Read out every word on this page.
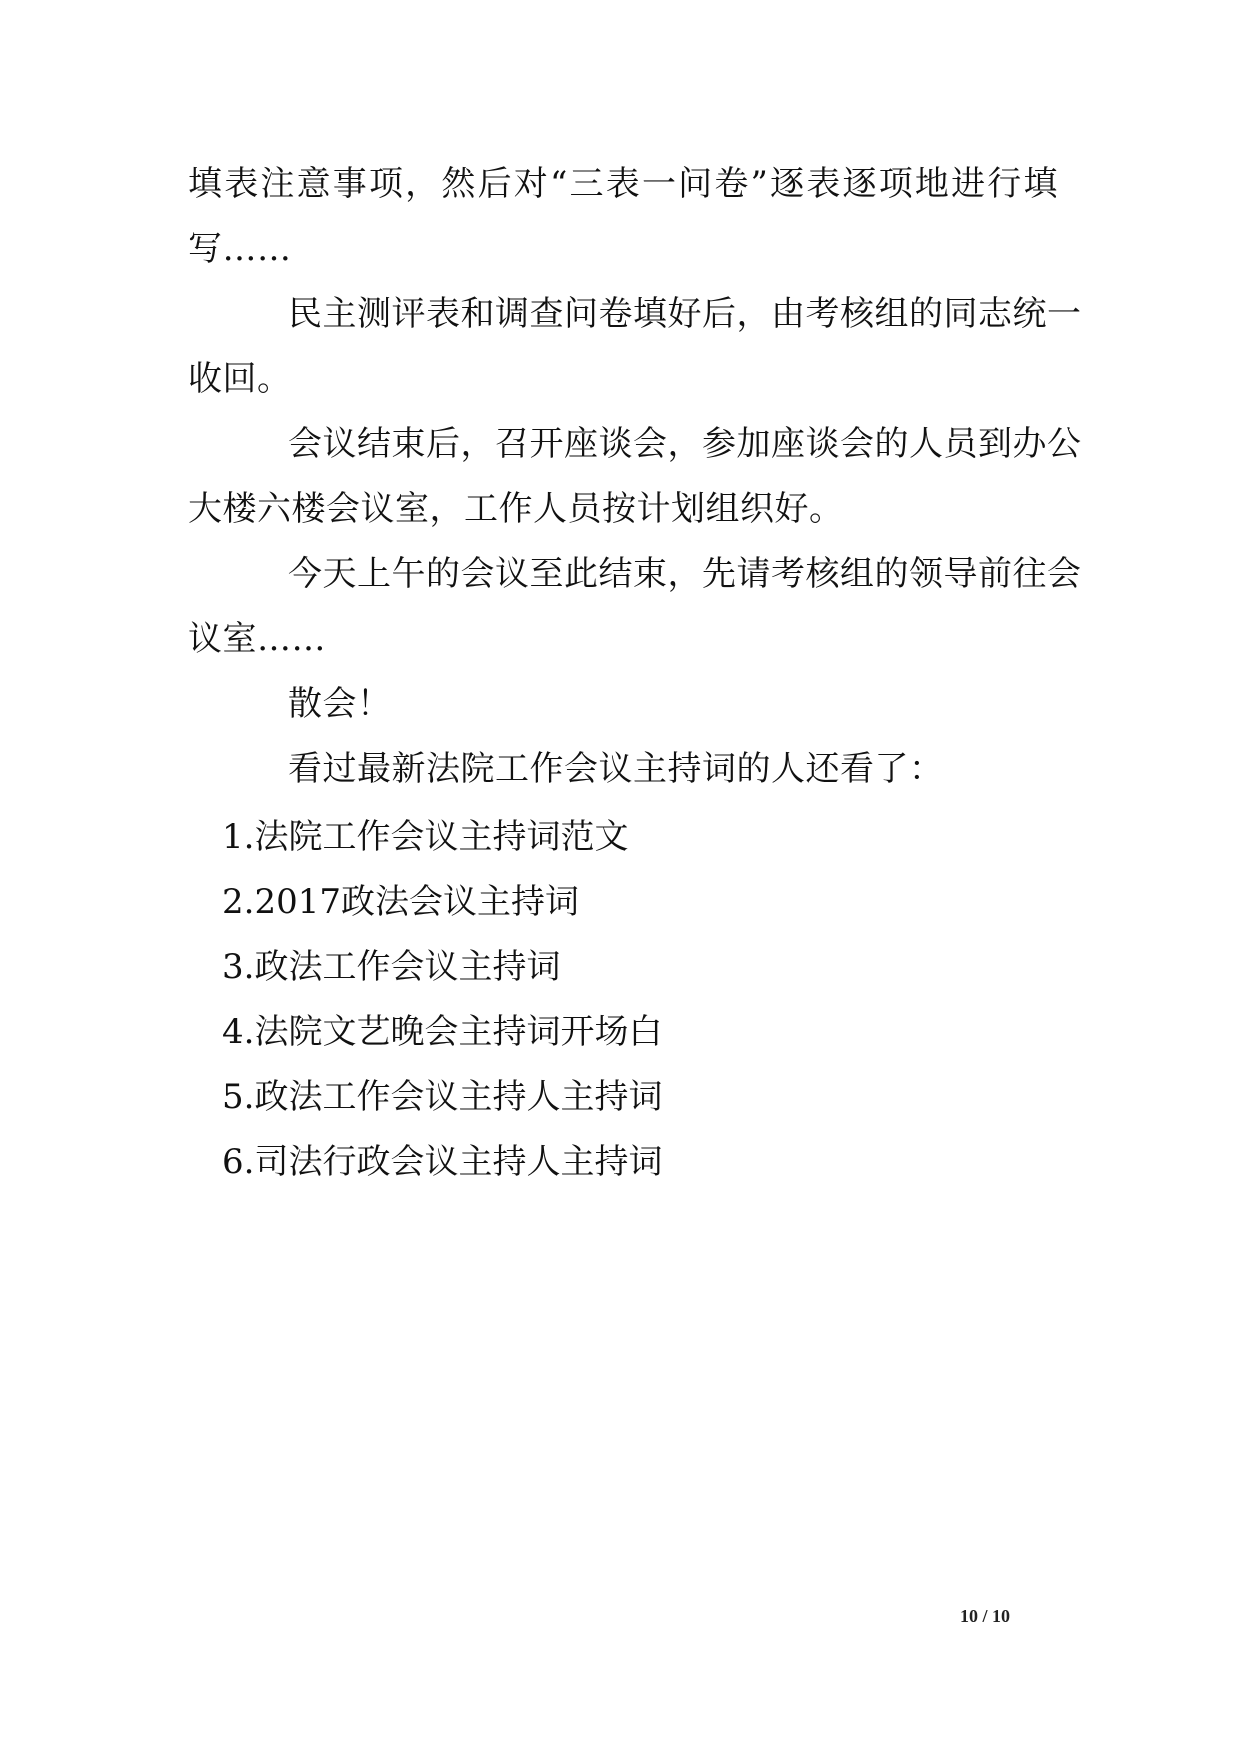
填表注意事项，然后对“三表一问卷”逐表逐项地进行填
写……
民主测评表和调查问卷填好后，由考核组的同志统一
收回。
会议结束后，召开座谈会，参加座谈会的人员到办公
大楼六楼会议室，工作人员按计划组织好。
今天上午的会议至此结束，先请考核组的领导前往会
议室……
散会！
看过最新法院工作会议主持词的人还看了：
1.法院工作会议主持词范文
2.2017政法会议主持词
3.政法工作会议主持词
4.法院文艺晚会主持词开场白
5.政法工作会议主持人主持词
6.司法行政会议主持人主持词
10 / 10
